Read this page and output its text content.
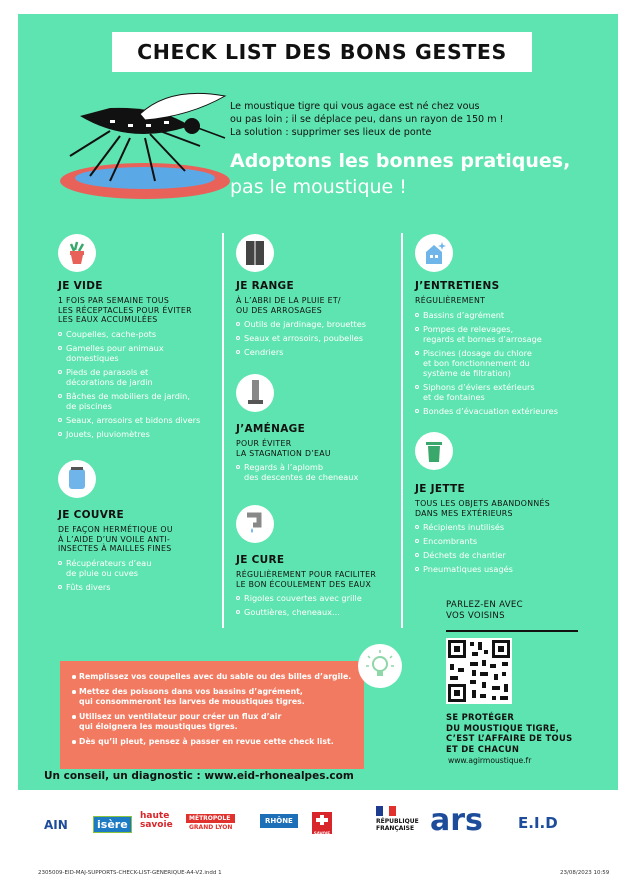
CHECK LIST DES BONS GESTES
Le moustique tigre qui vous agace est né chez vous
ou pas loin ; il se déplace peu, dans un rayon de 150 m !
La solution : supprimer ses lieux de ponte
Adoptons les bonnes pratiques,
pas le moustique !
JE VIDE
1 FOIS PAR SEMAINE TOUS
LES RÉCEPTACLES POUR ÉVITER
LES EAUX ACCUMULÉES
Coupelles, cache-pots
Gamelles pour animaux
domestiques
Pieds de parasols et
décorations de jardin
Bâches de mobiliers de jardin,
de piscines
Seaux, arrosoirs et bidons divers
Jouets, pluviomètres
JE COUVRE
DE FAÇON HERMÉTIQUE OU
À L’AIDE D’UN VOILE ANTI-
INSECTES À MAILLES FINES
Récupérateurs d’eau
de pluie ou cuves
Fûts divers
JE RANGE
À L’ABRI DE LA PLUIE ET/
OU DES ARROSAGES
Outils de jardinage, brouettes
Seaux et arrosoirs, poubelles
Cendriers
J’AMÉNAGE
POUR ÉVITER
LA STAGNATION D’EAU
Regards à l’aplomb
des descentes de cheneaux
JE CURE
RÉGULIÈREMENT POUR FACILITER
LE BON ÉCOULEMENT DES EAUX
Rigoles couvertes avec grille
Gouttières, cheneaux...
J’ENTRETIENS
RÉGULIÈREMENT
Bassins d’agrément
Pompes de relevages,
regards et bornes d’arrosage
Piscines (dosage du chlore
et bon fonctionnement du
système de filtration)
Siphons d’éviers extérieurs
et de fontaines
Bondes d’évacuation extérieures
JE JETTE
TOUS LES OBJETS ABANDONNÉS
DANS MES EXTÉRIEURS
Récipients inutilisés
Encombrants
Déchets de chantier
Pneumatiques usagés
Remplissez vos coupelles avec du sable ou des billes d’argile.
Mettez des poissons dans vos bassins d’agrément,
qui consommeront les larves de moustiques tigres.
Utilisez un ventilateur pour créer un flux d’air
qui éloignera les moustiques tigres.
Dès qu’il pleut, pensez à passer en revue cette check list.
PARLEZ-EN AVEC
VOS VOISINS
SE PROTÉGER
DU MOUSTIQUE TIGRE,
C’EST L’AFFAIRE DE TOUS
ET DE CHACUN
www.agirmoustique.fr
Un conseil, un diagnostic : www.eid-rhonealpes.com
AIN	isère
haute
savoie
MÉTROPOLE
GRAND LYON
RHÔNE
SAVOIE
RÉPUBLIQUE
FRANÇAISE ars E.I.D
2305009-EID-MAJ-SUPPORTS-CHECK-LIST-GENERIQUE-A4-V2.indd 1	23/08/2023 10:59
